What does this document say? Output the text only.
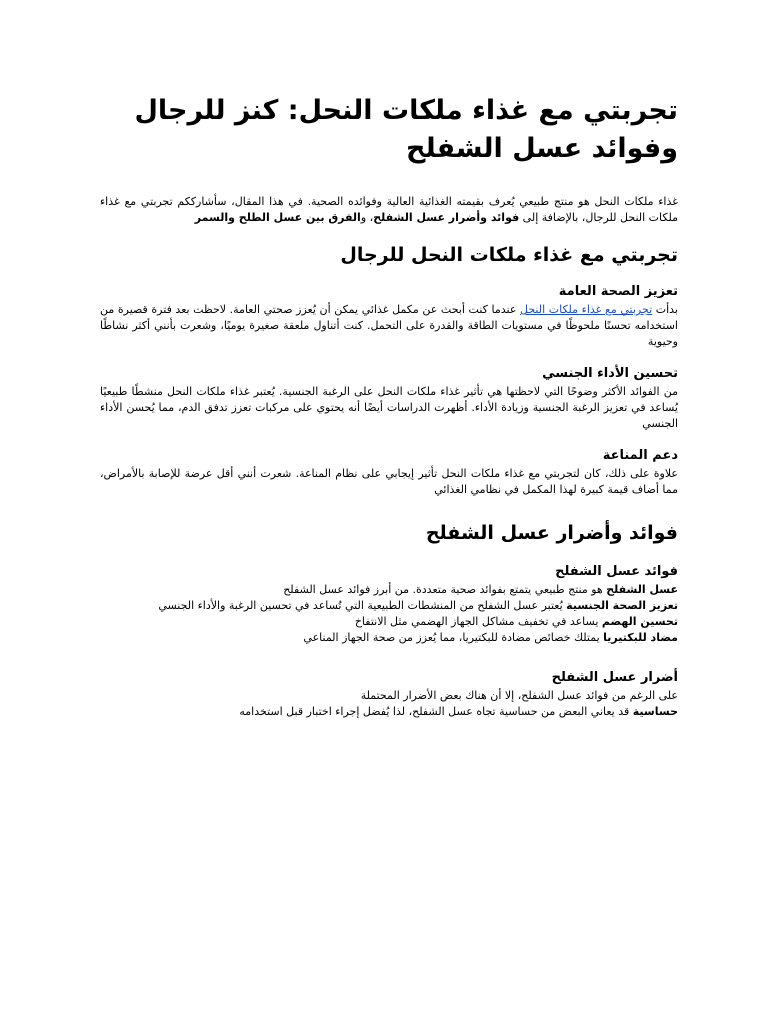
تجربتي مع غذاء ملكات النحل: كنز للرجال وفوائد عسل الشفلح

غذاء ملكات النحل هو منتج طبيعي يُعرف بقيمته الغذائية العالية وفوائده الصحية. في هذا المقال، سأشارككم تجربتي مع غذاء ملكات النحل للرجال، بالإضافة إلى فوائد وأضرار عسل الشفلح، والفرق بين عسل الطلح والسمر

تجربتي مع غذاء ملكات النحل للرجال
تعزيز الصحة العامة

بدأت تجربتي مع غذاء ملكات النحل عندما كنت أبحث عن مكمل غذائي يمكن أن يُعزز صحتي العامة. لاحظت بعد فترة قصيرة من استخدامه تحسنًا ملحوظًا في مستويات الطاقة والقدرة على التحمل. كنت أتناول ملعقة صغيرة يوميًا، وشعرت بأنني أكثر نشاطًا وحيوية

تحسين الأداء الجنسي

من الفوائد الأكثر وضوحًا التي لاحظتها هي تأثير غذاء ملكات النحل على الرغبة الجنسية. يُعتبر غذاء ملكات النحل منشطًا طبيعيًا يُساعد في تعزيز الرغبة الجنسية وزيادة الأداء. أظهرت الدراسات أيضًا أنه يحتوي على مركبات تعزز تدفق الدم، مما يُحسن الأداء الجنسي

دعم المناعة

علاوة على ذلك، كان لتجربتي مع غذاء ملكات النحل تأثير إيجابي على نظام المناعة. شعرت أنني أقل عرضة للإصابة بالأمراض، مما أضاف قيمة كبيرة لهذا المكمل في نظامي الغذائي

فوائد وأضرار عسل الشفلح
فوائد عسل الشفلح

عسل الشفلح هو منتج طبيعي يتمتع بفوائد صحية متعددة. من أبرز فوائد عسل الشفلح

تعزيز الصحة الجنسية يُعتبر عسل الشفلح من المنشطات الطبيعية التي تُساعد في تحسين الرغبة والأداء الجنسي

تحسين الهضم يساعد في تخفيف مشاكل الجهاز الهضمي مثل الانتفاخ

مضاد للبكتيريا يمتلك خصائص مضادة للبكتيريا، مما يُعزز من صحة الجهاز المناعي

أضرار عسل الشفلح

على الرغم من فوائد عسل الشفلح، إلا أن هناك بعض الأضرار المحتملة

حساسية قد يعاني البعض من حساسية تجاه عسل الشفلح، لذا يُفضل إجراء اختبار قبل استخدامه
